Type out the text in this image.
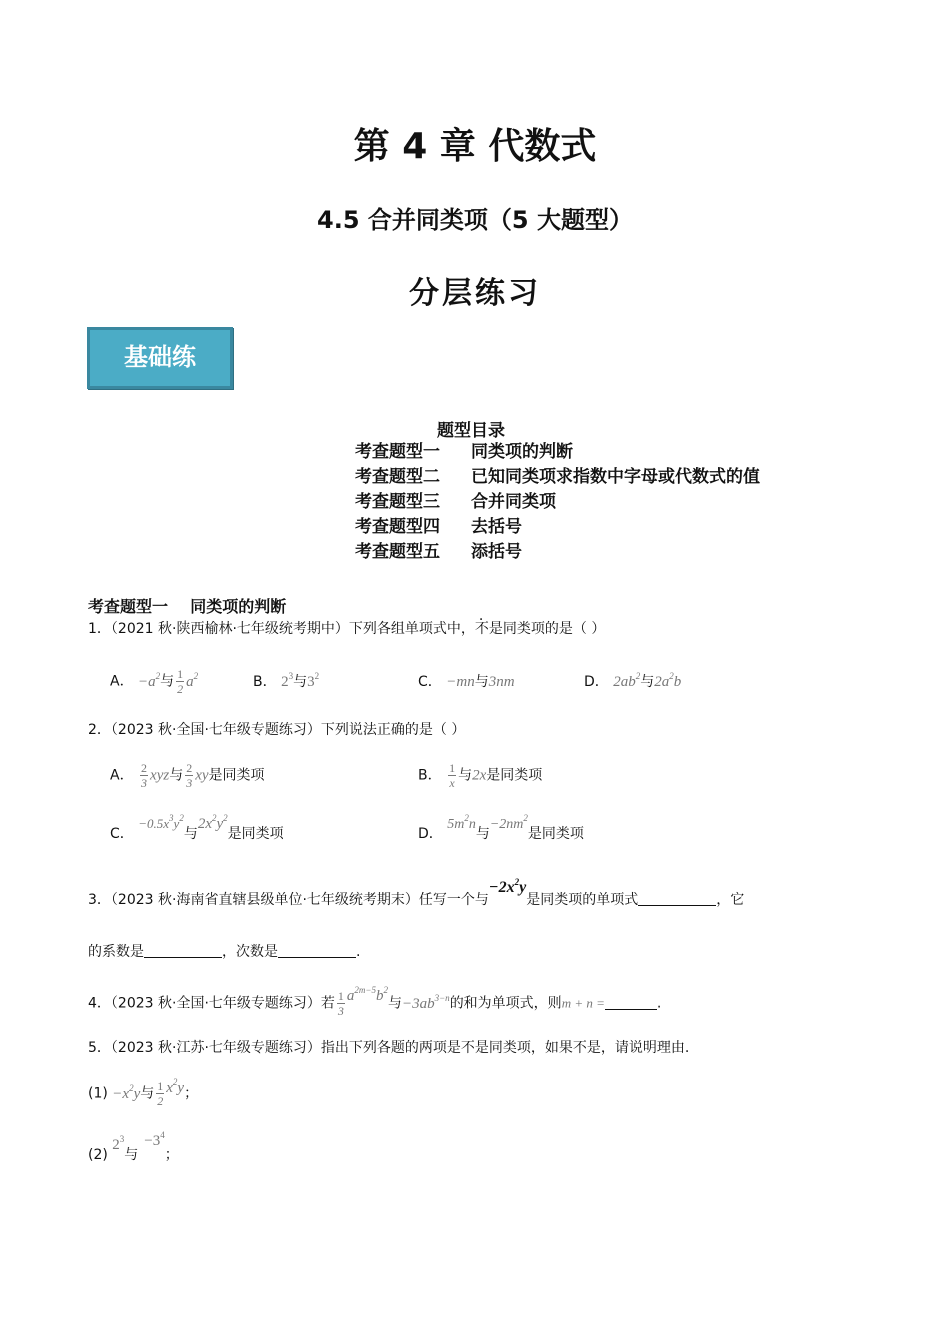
第 4 章 代数式
4.5 合并同类项（5 大题型）
分层练习
基础练
题型目录
考查题型一 同类项的判断
考查题型二 已知同类项求指数中字母或代数式的值
考查题型三 合并同类项
考查题型四 去括号
考查题型五 添括号
考查题型一    同类项的判断
1．（2021 秋·陕西榆林·七年级统考期中）下列各组单项式中，不是同类项的是（ ）
A． $-a^2$与 $\frac{1}{2} a^2$	B． $2^3$与$3^2$	C． −mn与3nm	D． $2ab^2$与$2a^2b$
2．（2023 秋·全国·七年级专题练习）下列说法正确的是（ ）
A． $\frac{2}{3}$ xyz与 $\frac{2}{3}$ xy是同类项	B． $\frac{1}{x}$ 与2x是同类项
C． $-0.5x^3y^2$与$2x^2y^2$是同类项	D． $5m^2n$与$-2nm^2$是同类项
3．（2023 秋·海南省直辖县级单位·七年级统考期末）任写一个与$-2x^2y$是同类项的单项式	，它
的系数是	，次数是	.
4．（2023 秋·全国·七年级专题练习）若 $\frac{1}{3} a^{2m-5}b^2$与$-3ab^{3-n}$的和为单项式，则m + n =	.
5．（2023 秋·江苏·七年级专题练习）指出下列各题的两项是不是同类项，如果不是，请说明理由.
$(1) -x^2y$与 $\frac{1}{2} x^2y$；
(2) $2^3$与$-3^4$；
